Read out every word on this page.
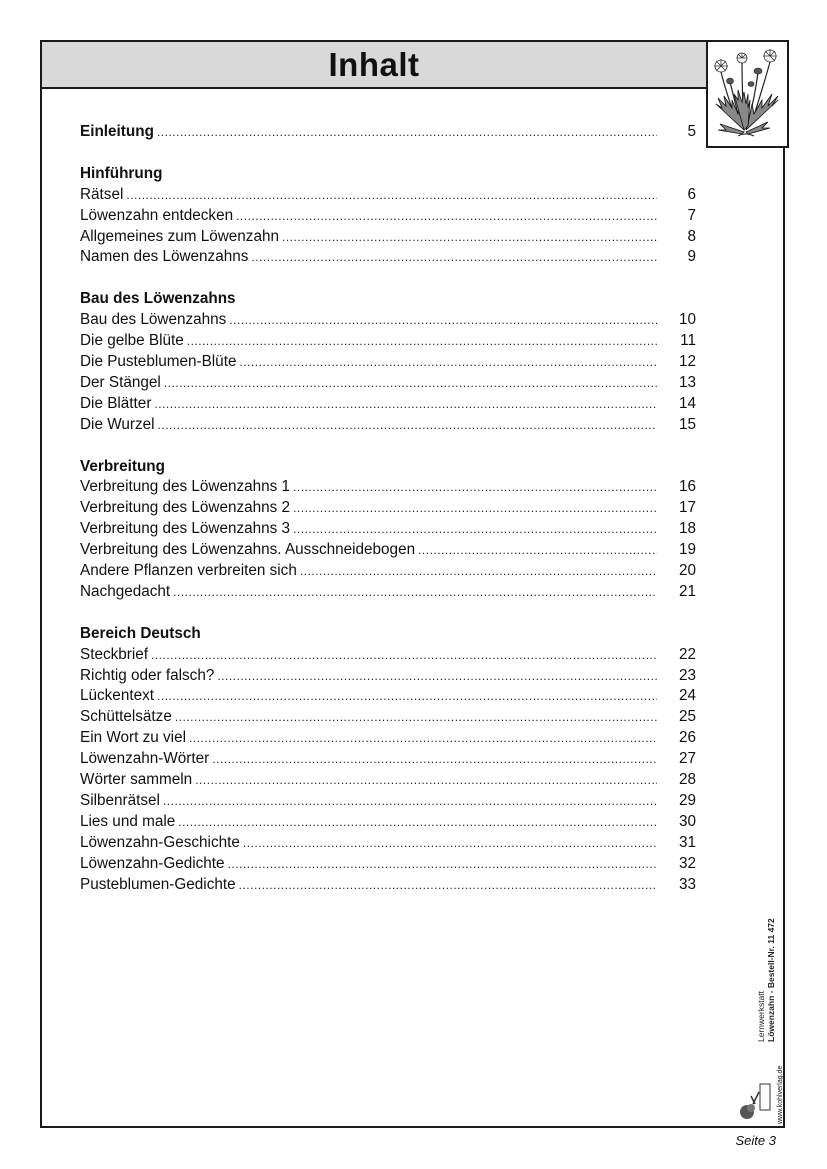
Inhalt
Lernwerkstatt Löwenzahn - Bestell-Nr. 11 472
www.kohlverlag.de
Einleitung .....	5
Hinführung
Rätsel .....	6
Löwenzahn entdecken .....	7
Allgemeines zum Löwenzahn .....	8
Namen des Löwenzahns .....	9
Bau des Löwenzahns
Bau des Löwenzahns .....	10
Die gelbe Blüte .....	11
Die Pusteblumen-Blüte .....	12
Der Stängel .....	13
Die Blätter .....	14
Die Wurzel .....	15
Verbreitung
Verbreitung des Löwenzahns 1 .....	16
Verbreitung des Löwenzahns 2 .....	17
Verbreitung des Löwenzahns 3 .....	18
Verbreitung des Löwenzahns. Ausschneidebogen .....	19
Andere Pflanzen verbreiten sich .....	20
Nachgedacht .....	21
Bereich Deutsch
Steckbrief .....	22
Richtig oder falsch? .....	23
Lückentext .....	24
Schüttelsätze .....	25
Ein Wort zu viel .....	26
Löwenzahn-Wörter .....	27
Wörter sammeln .....	28
Silbenrätsel .....	29
Lies und male .....	30
Löwenzahn-Geschichte .....	31
Löwenzahn-Gedichte .....	32
Pusteblumen-Gedichte .....	33
Seite 3
